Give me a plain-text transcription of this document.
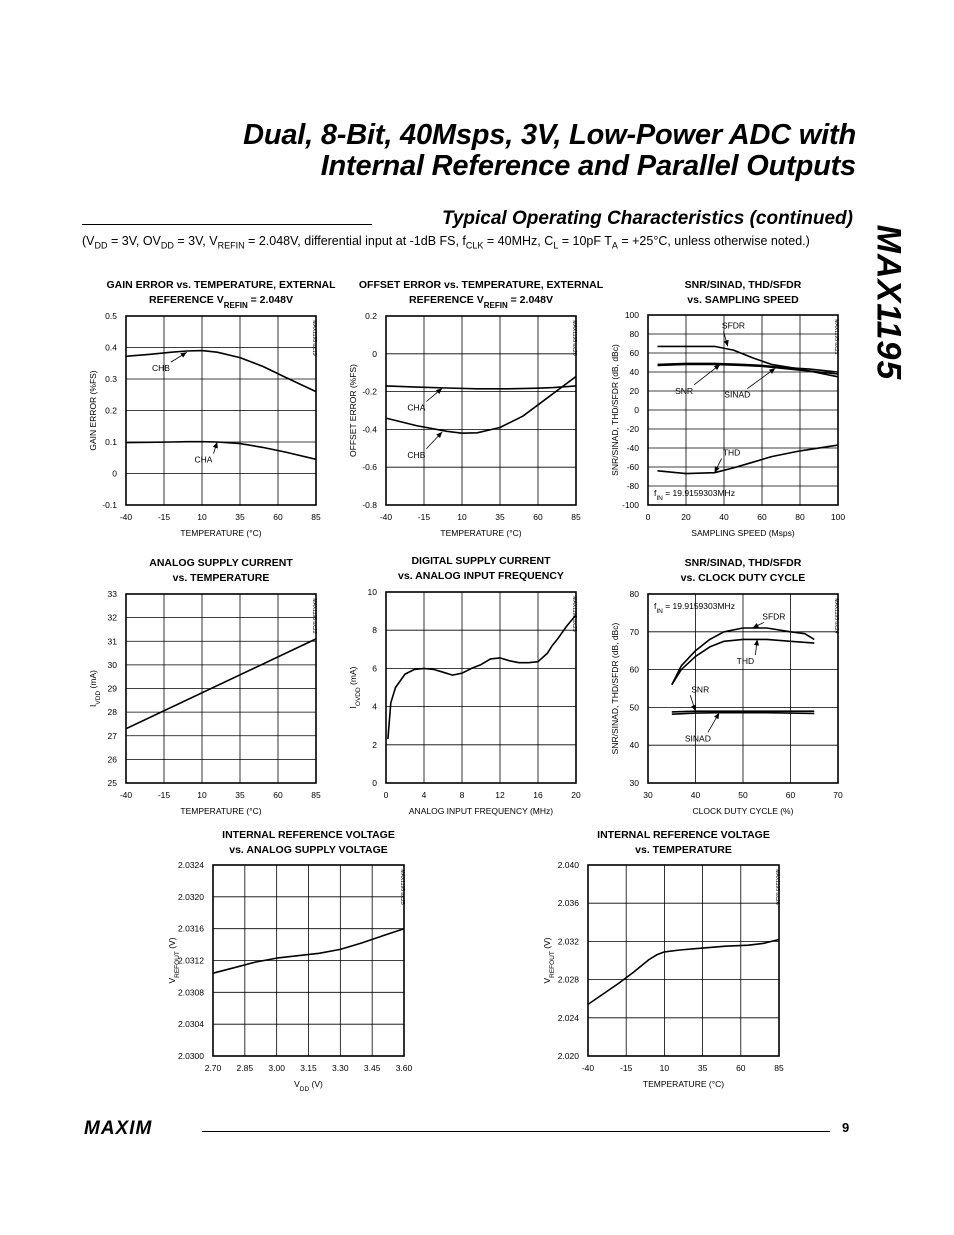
Dual, 8-Bit, 40Msps, 3V, Low-Power ADC with
Internal Reference and Parallel Outputs
MAX1195
Typical Operating Characteristics (continued)
($V_{DD} = 3V$, $OV_{DD} = 3V$, $V_{REFIN} = 2.048V$, differential input at -1dB FS, $f_{CLK} = 40MHz$, $C_L = 10pF$ $T_A = +25^\circ C$, unless otherwise noted.)
GAIN ERROR vs. TEMPERATURE, EXTERNAL
REFERENCE $V_{REFIN} = 2.048V$
-40	-15	10	35	60	85
-0.1
0
0.1
0.2
0.3
0.4
0.5
TEMPERATURE (°C)
GAIN ERROR (%FS)
MAX1195 toc19
CHB
CHA
OFFSET ERROR vs. TEMPERATURE, EXTERNAL
REFERENCE $V_{REFIN} = 2.048V$
-40	-15	10	35	60	85
-0.8
-0.6
-0.4
-0.2
0
0.2
TEMPERATURE (°C)
OFFSET ERROR (%FS)
MAX1195 toc20
CHA
CHB
SNR/SINAD, THD/SFDR
vs. SAMPLING SPEED
0	20	40	60	80	100
-100
-80
-60
-40
-20
0
20
40
60
80
100
SAMPLING SPEED (Msps)
SNR/SINAD, THD/SFDR (dB, dBc)
MAX1195 toc21
$f_{IN} = 19.9159303MHz$
SFDR
SNR	SINAD
THD
ANALOG SUPPLY CURRENT
vs. TEMPERATURE
-40	-15	10	35	60	85
25
26
27
28
29
30
31
32
33
TEMPERATURE (°C)
$I_{VDD}$ (mA)
MAX1195 toc22
DIGITAL SUPPLY CURRENT
vs. ANALOG INPUT FREQUENCY
0	4	8	12	16	20
0
2
4
6
8
10
ANALOG INPUT FREQUENCY (MHz)
$I_{OVDD}$ (mA)
MAX1195 toc23
SNR/SINAD, THD/SFDR
vs. CLOCK DUTY CYCLE
30	40	50	60	70
30
40
50
60
70
80
CLOCK DUTY CYCLE (%)
SNR/SINAD, THD/SFDR (dB, dBc)
MAX1195 toc24
$f_{IN} = 19.9159303MHz$
SFDR
THD
SNR
SINAD
INTERNAL REFERENCE VOLTAGE
vs. ANALOG SUPPLY VOLTAGE
2.70 2.85 3.00 3.15 3.30 3.45 3.60
2.0300
2.0304
2.0308
2.0312
2.0316
2.0320
2.0324
$V_{DD}$ (V)
$V_{REFOUT}$ (V)
MAX1195 toc25
INTERNAL REFERENCE VOLTAGE
vs. TEMPERATURE
-40	-15	10	35	60	85
2.020
2.024
2.028
2.032
2.036
2.040
TEMPERATURE (°C)
$V_{REFOUT}$ (V)
MAX1195 toc26
MAXIM	9
